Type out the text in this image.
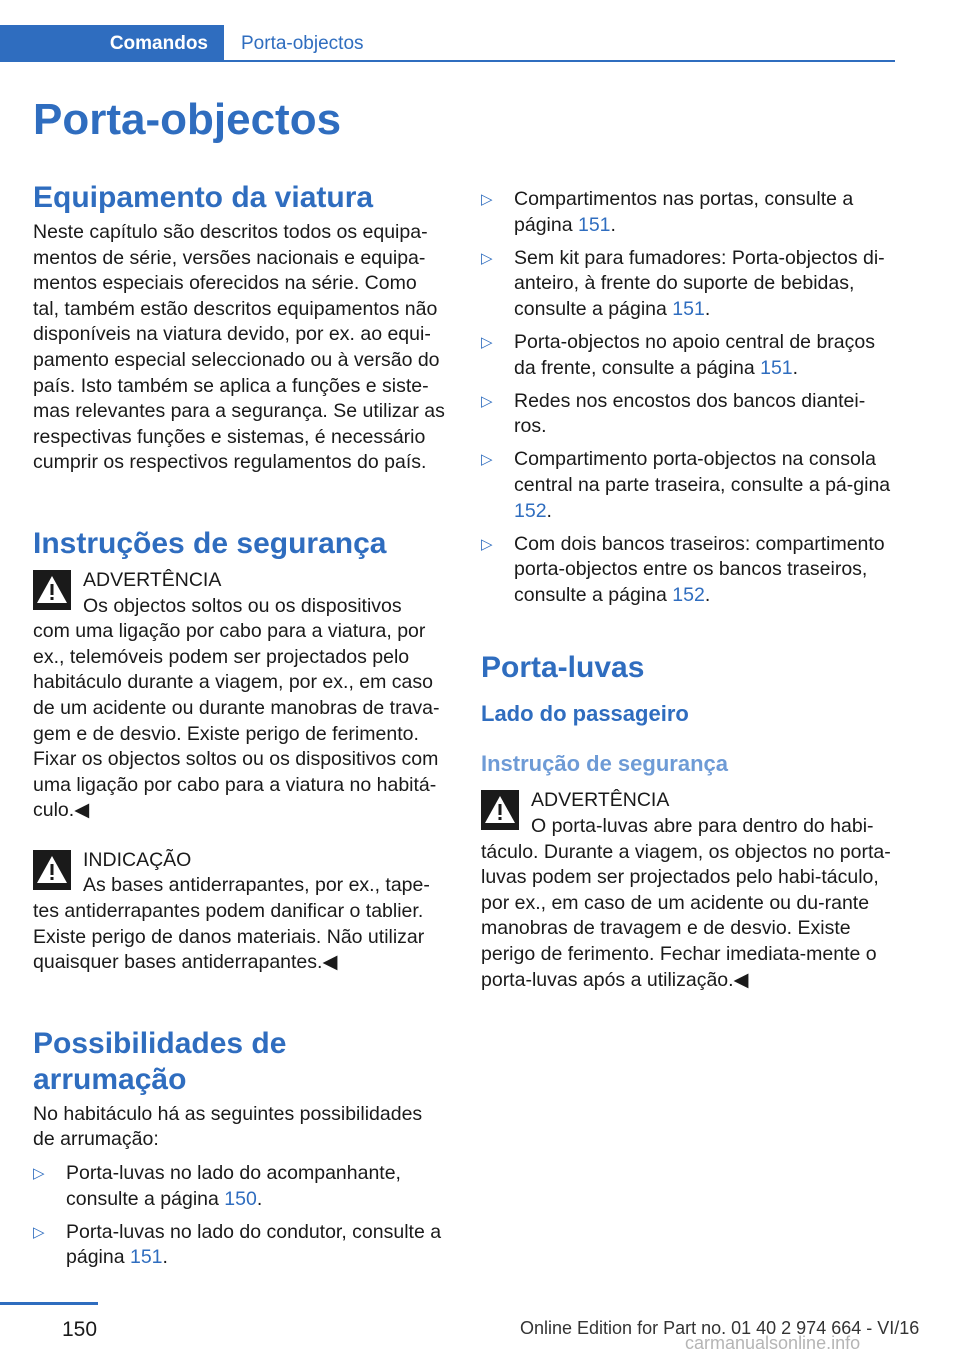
Comandos Porta-objectos
Porta-objectos
Equipamento da viatura

Neste capítulo são descritos todos os equipa-mentos de série, versões nacionais e equipa-mentos especiais oferecidos na série. Como tal, também estão descritos equipamentos não disponíveis na viatura devido, por ex. ao equi-pamento especial seleccionado ou à versão do país. Isto também se aplica a funções e siste-mas relevantes para a segurança. Se utilizar as respectivas funções e sistemas, é necessário cumprir os respectivos regulamentos do país.

Instruções de segurança

ADVERTÊNCIA

Os objectos soltos ou os dispositivos

com uma ligação por cabo para a viatura, por ex., telemóveis podem ser projectados pelo habitáculo durante a viagem, por ex., em caso de um acidente ou durante manobras de trava-gem e de desvio. Existe perigo de ferimento. Fixar os objectos soltos ou os dispositivos com uma ligação por cabo para a viatura no habitá-culo.◀

INDICAÇÃO

As bases antiderrapantes, por ex., tape-

tes antiderrapantes podem danificar o tablier. Existe perigo de danos materiais. Não utilizar quaisquer bases antiderrapantes.◀

Possibilidades de arrumação

No habitáculo há as seguintes possibilidades de arrumação:

▷ Porta-luvas no lado do acompanhante, consulte a página 150.
▷ Porta-luvas no lado do condutor, consulte a página 151.
▷ Compartimentos nas portas, consulte a página 151.
▷ Sem kit para fumadores: Porta-objectos di-anteiro, à frente do suporte de bebidas, consulte a página 151.
▷ Porta-objectos no apoio central de braços da frente, consulte a página 151.
▷ Redes nos encostos dos bancos diantei-ros.
▷ Compartimento porta-objectos na consola central na parte traseira, consulte a pá-gina 152.
▷ Com dois bancos traseiros: compartimento porta-objectos entre os bancos traseiros, consulte a página 152.
Porta-luvas
Lado do passageiro
Instrução de segurança

ADVERTÊNCIA

O porta-luvas abre para dentro do habi-

táculo. Durante a viagem, os objectos no porta-luvas podem ser projectados pelo habi-táculo, por ex., em caso de um acidente ou du-rante manobras de travagem e de desvio. Existe perigo de ferimento. Fechar imediata-mente o porta-luvas após a utilização.◀

150	Online Edition for Part no. 01 40 2 974 664 - VI/16
carmanualsonline.info
